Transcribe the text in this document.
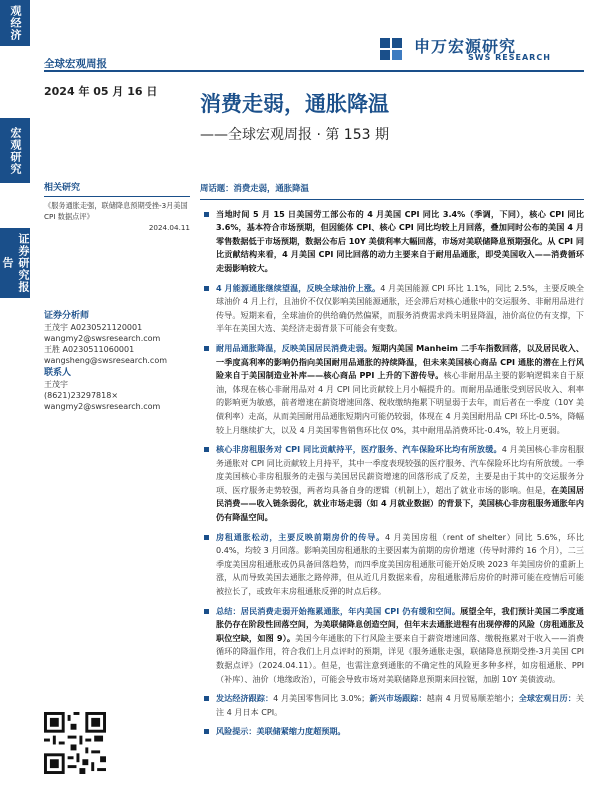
观经济
宏观研究
证券研究报告
全球宏观周报
2024 年 05 月 16 日
申万宏源研究
SWS RESEARCH
消费走弱，通胀降温
——全球宏观周报 · 第 153 期
相关研究
《服务通胀走强，联储降息预期受挫-3月美国 CPI 数据点评》
2024.04.11
证券分析师
王茂宇 A0230521120001
wangmy2@swsresearch.com
王胜 A0230511060001
wangsheng@swsresearch.com
联系人
王茂宇
(8621)23297818×
wangmy2@swsresearch.com
周话题：消费走弱，通胀降温
当地时间 5 月 15 日美国劳工部公布的 4 月美国 CPI 同比 3.4%（季调，下同），核心 CPI 同比 3.6%，基本符合市场预期，但因能体 CPI、核心 CPI 同比均较上月回落，叠加同时公布的美国 4 月零售数据低于市场预期，数据公布后 10Y 美债利率大幅回落，市场对美联储降息预期强化。从 CPI 同比贡献结构来看，4 月美国 CPI 同比回落的动力主要来自于耐用品通胀，即受美国收入——消费循环走弱影响较大。
4 月能源通胀继续望温，反映全球油价上涨。4 月美国能源 CPI 环比 1.1%，同比 2.5%，主要反映全球油价 4 月上行，且油价不仅仅影响美国能源通胀，还会滞后对核心通胀中的交运服务、非耐用品进行传导。短期来看，全球油价的供给确仍然偏紧，而服务消费需求尚未明显降温，油价高位仍有支撑，下半年在美国大选、美经济走弱背景下可能会有变数。
耐用品通胀降温，反映美国居民消费走弱。短期内美国 Manheim 二手车指数回落，以及居民收入、一季度高利率的影响仍指向美国耐用品通胀的持续降温，但未来美国核心商品 CPI 通胀的潜在上行风险来自于美国制造业补库——核心商品 PPI 上升的下游传导。核心非耐用品主要的影响逻辑来自于原油，体现在核心非耐用品对 4 月 CPI 同比贡献较上月小幅提升的。而耐用品通胀受到居民收入、利率的影响更为敏感，前者增速在薪资增速回落、税收缴纳拖累下明显弱于去年，而后者在一季度（10Y 美债利率）走高，从而美国耐用品通胀短期内可能仍较弱，体现在 4 月美国耐用品 CPI 环比-0.5%，降幅较上月继续扩大，以及 4 月美国零售销售环比仅 0%，其中耐用品消费环比-0.4%，较上月更弱。
核心非房租服务对 CPI 同比贡献持平，医疗服务、汽车保险环比均有所放缓。4 月美国核心非房租服务通胀对 CPI 同比贡献较上月持平，其中一季度表现较强的医疗服务、汽车保险环比均有所放缓。一季度美国核心非房租服务的走强与美国居民薪资增速的回落形成了反差，主要是由于其中的交运服务分项、医疗服务走势较强，两者均具备自身的逻辑（机制上），超出了就业市场的影响。但是，在美国居民消费——收入链条弱化，就业市场走弱（如 4 月就业数据）的背景下，美国核心非房租服务通胀年内仍有降温空间。
房租通胀松动，主要反映前期房价的传导。4 月美国房租（rent of shelter）同比 5.6%，环比 0.4%，均较 3 月回落。影响美国房租通胀的主要因素为前期的房价增速（传导时滞约 16 个月），二三季度美国房租通胀或仍具备回落趋势，而四季度美国房租通胀可能开始反映 2023 年美国房价的重新上涨，从而导致美国去通胀之路停滞，但从近几月数据来看，房租通胀滞后房价的时滞可能在疫情后可能被拉长了，或致年末房租通胀反弹的时点后移。
总结：居民消费走弱开始拖累通胀，年内美国 CPI 仍有缓和空间。展望全年，我们预计美国二季度通胀仍存在阶段性回落空间，为美联储降息创造空间，但年末去通胀进程有出现停滞的风险（房租通胀及职位空缺，如图 9）。美国今年通胀的下行风险主要来自于薪资增速回落、缴税拖累对于收入——消费循环的降温作用，符合我们上月点评时的预期，详见《服务通胀走强，联储降息预期受挫-3月美国 CPI 数据点评》（2024.04.11）。但是，也需注意到通胀的不确定性的风险更多种多样，如房租通胀、PPI（补库）、油价（地缘政治），可能会导致市场对美联储降息预期来回拉锯，加剧 10Y 美债波动。
发达经济跟踪：4 月美国零售同比 3.0%；新兴市场跟踪：越南 4 月贸易顺差缩小；全球宏观日历：关注 4 月日本 CPI。
风险提示：美联储紧缩力度超预期。
